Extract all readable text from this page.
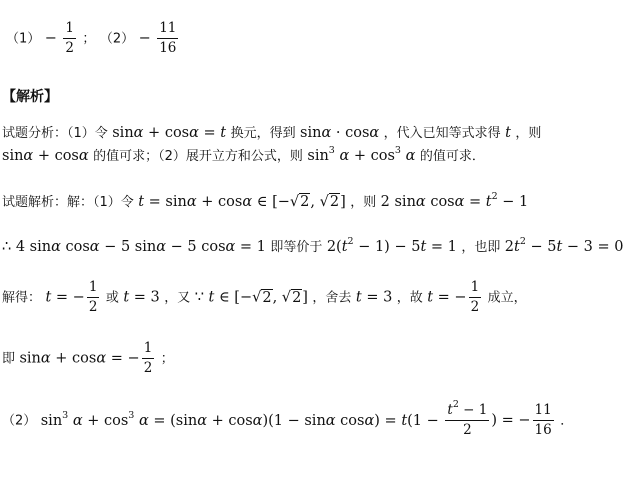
$(1) - \frac{1}{2}$ ； $(2) - \frac{11}{16}$
【解析】
试题分析：（1）令 sinα + cosα = t 换元，得到 sinα · cosα ，代入已知等式求得 t ，则
sinα + cosα 的值可求；（2）展开立方和公式，则 $\sin^3 \alpha + \cos^3 \alpha$ 的值可求．
试题解析：解：（1）令 t = sinα + cosα ∈ [−√2, √2] ，则 2 sinα $\cos\alpha = t^2 - 1$
∴ 4 sinα cosα − 5 sinα − 5 cosα = 1 即等价于 $2(t^2 - 1) - 5t = 1$ ，也即 $2t^2 - 5t - 3 = 0$
解得： t = − $\frac{1}{2}$ 或 t = 3 ，又 ∵ t ∈ [−√2, √2] ，舍去 t = 3 ，故 t = − $\frac{1}{2}$ 成立，
即 sinα + cosα = − $\frac{1}{2}$ ；
（2） $\sin^3 \alpha + \cos^3 \alpha = (\sin\alpha + \cos\alpha)(1 - \sin\alpha$ $\cos\alpha) = t(1 - \frac{t^2 - 1}{2}$ ) = − $\frac{11}{16}$ ．
